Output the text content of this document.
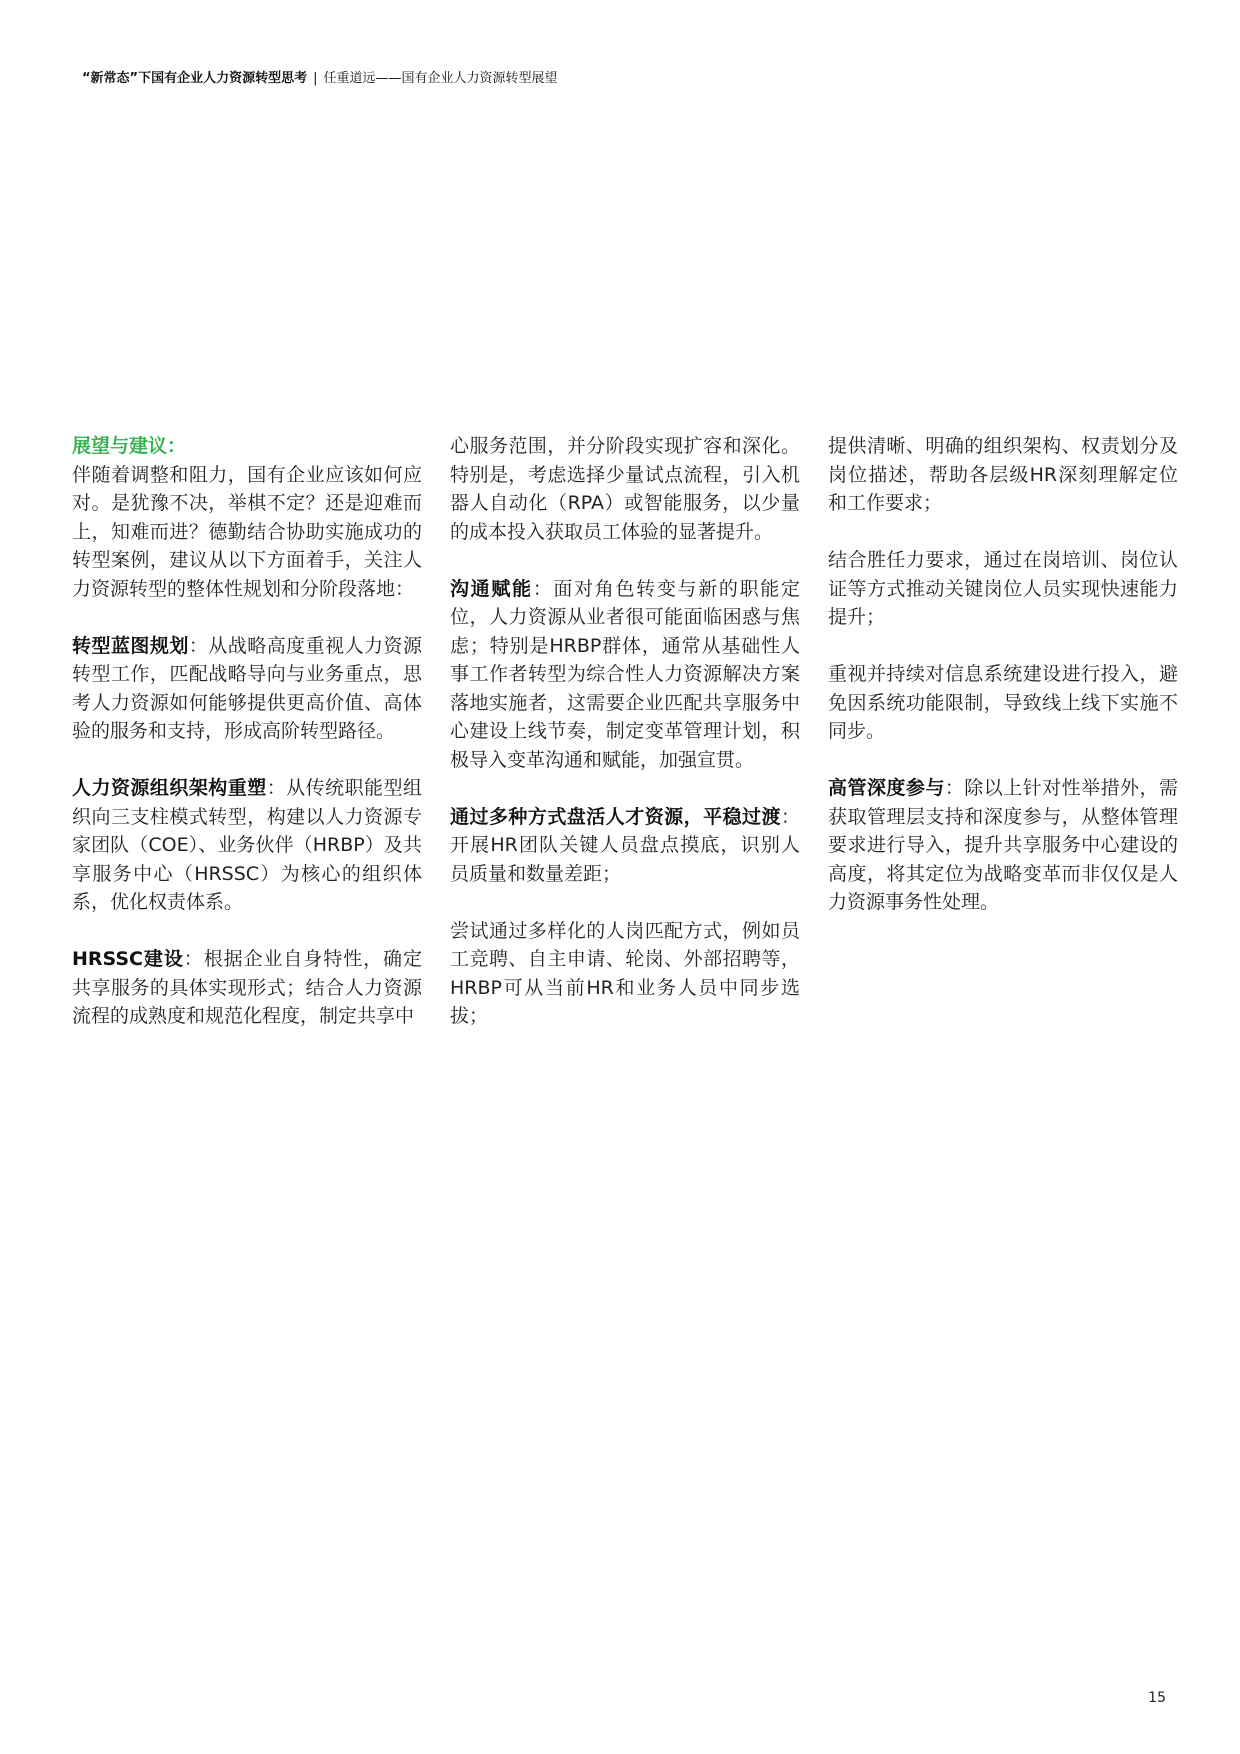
“新常态”下国有企业人力资源转型思考 | 任重道远——国有企业人力资源转型展望

展望与建议：
伴随着调整和阻力，国有企业应该如何应对。是犹豫不决，举棋不定？还是迎难而上，知难而进？德勤结合协助实施成功的转型案例，建议从以下方面着手，关注人力资源转型的整体性规划和分阶段落地：

转型蓝图规划：从战略高度重视人力资源转型工作，匹配战略导向与业务重点，思考人力资源如何能够提供更高价值、高体验的服务和支持，形成高阶转型路径。

人力资源组织架构重塑：从传统职能型组织向三支柱模式转型，构建以人力资源专家团队（COE）、业务伙伴（HRBP）及共享服务中心（HRSSC）为核心的组织体系，优化权责体系。

HRSSC建设：根据企业自身特性，确定共享服务的具体实现形式；结合人力资源流程的成熟度和规范化程度，制定共享中

心服务范围，并分阶段实现扩容和深化。特别是，考虑选择少量试点流程，引入机器人自动化（RPA）或智能服务，以少量的成本投入获取员工体验的显著提升。

沟通赋能：面对角色转变与新的职能定位，人力资源从业者很可能面临困惑与焦虑；特别是HRBP群体，通常从基础性人事工作者转型为综合性人力资源解决方案落地实施者，这需要企业匹配共享服务中心建设上线节奏，制定变革管理计划，积极导入变革沟通和赋能，加强宣贯。

通过多种方式盘活人才资源，平稳过渡：开展HR团队关键人员盘点摸底，识别人员质量和数量差距；

尝试通过多样化的人岗匹配方式，例如员工竞聘、自主申请、轮岗、外部招聘等，HRBP可从当前HR和业务人员中同步选拔；

提供清晰、明确的组织架构、权责划分及岗位描述，帮助各层级HR深刻理解定位和工作要求；

结合胜任力要求，通过在岗培训、岗位认证等方式推动关键岗位人员实现快速能力提升；

重视并持续对信息系统建设进行投入，避免因系统功能限制，导致线上线下实施不同步。

高管深度参与：除以上针对性举措外，需获取管理层支持和深度参与，从整体管理要求进行导入，提升共享服务中心建设的高度，将其定位为战略变革而非仅仅是人力资源事务性处理。

15
